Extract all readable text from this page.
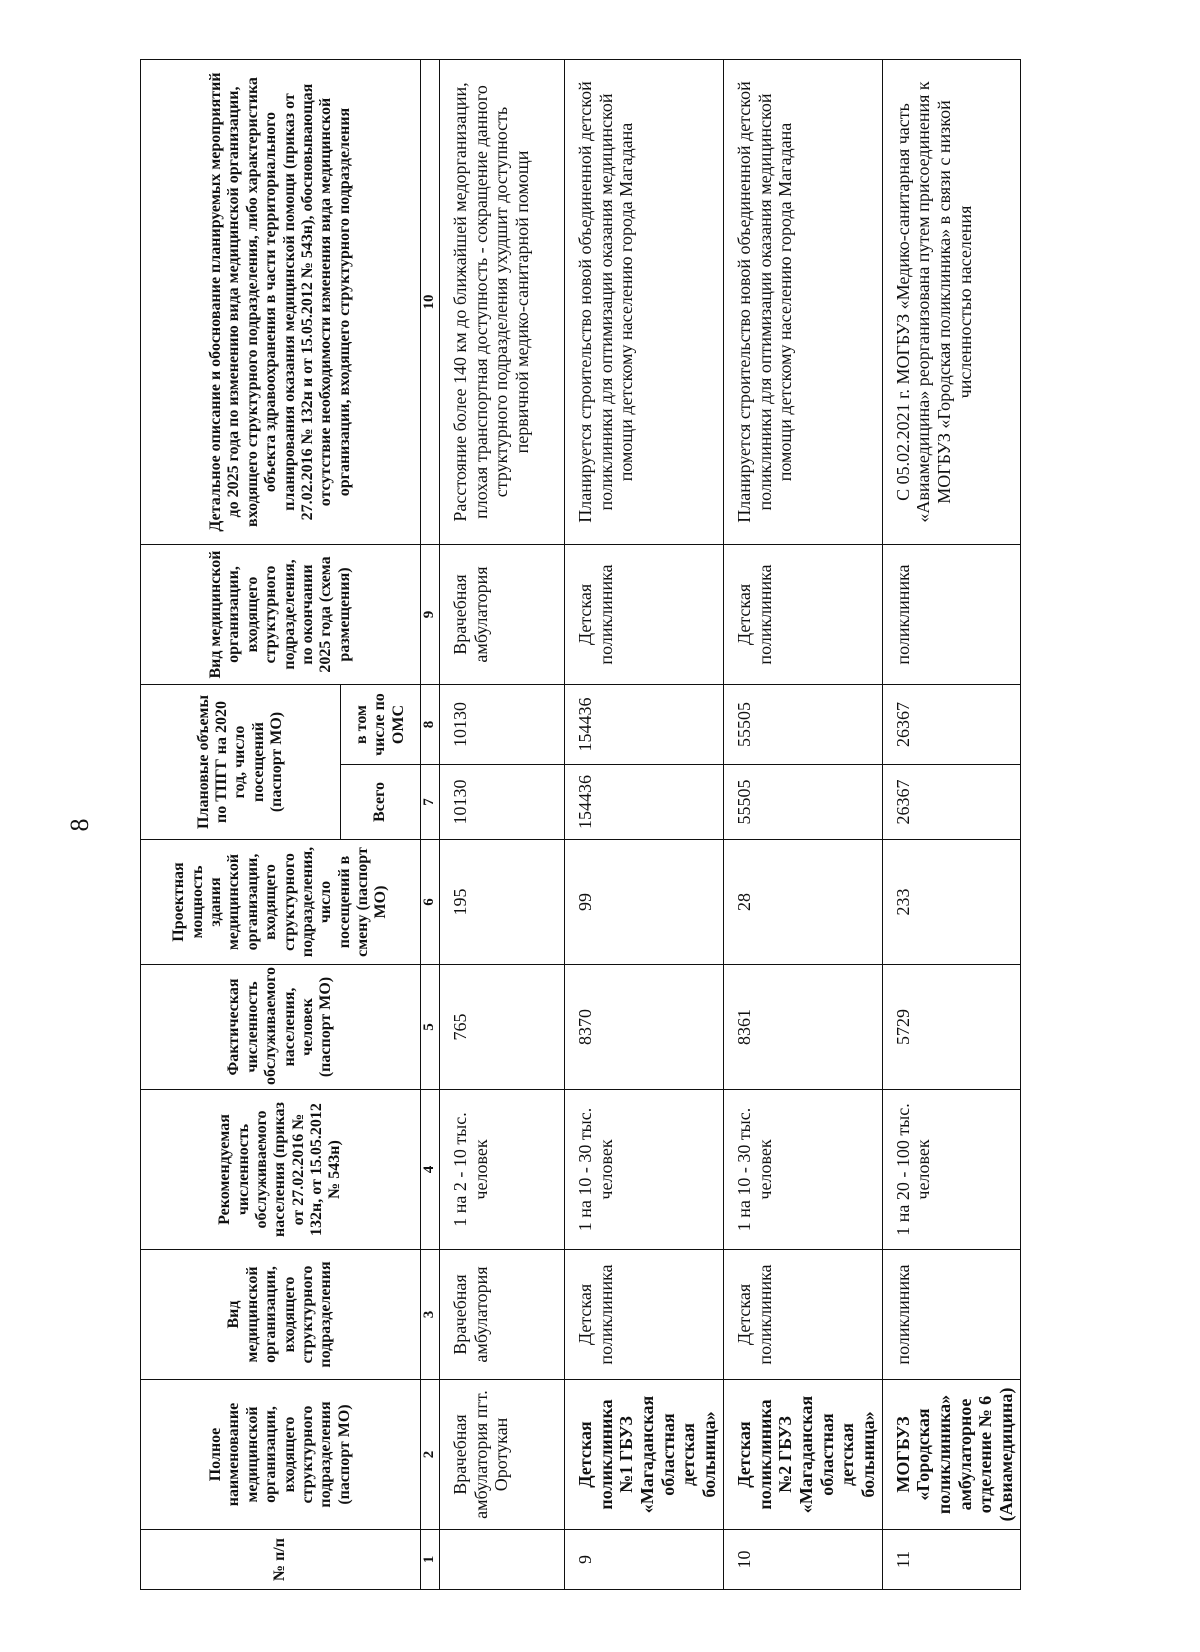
8
№ п/п	Полное наименование медицинской организации, входящего структурного подразделения (паспорт МО)	Вид медицинской организации, входящего структурного подразделения	Рекомендуемая численность обслуживаемого населения (приказ от 27.02.2016 № 132н, от 15.05.2012 № 543н)	Фактическая численность обслуживаемого населения, человек (паспорт МО)	Проектная мощность здания медицинской организации, входящего структурного подразделения, число посещений в смену (паспорт МО)	Плановые объемы по ТПГГ на 2020 год, число посещений (паспорт МО)		Вид медицинской организации, входящего структурного подразделения, по окончании 2025 года (схема размещения)	Детальное описание и обоснование планируемых мероприятий до 2025 года по изменению вида медицинской организации, входящего структурного подразделения, либо характеристика объекта здравоохранения в части территориального планирования оказания медицинской помощи (приказ от 27.02.2016 № 132н и от 15.05.2012 № 543н), обосновывающая отсутствие необходимости изменения вида медицинской организации, входящего структурного подразделения
						Всего	в том числе по ОМС		
1	2	3	4	5	6	7	8	9	10
	Врачебная амбулатория пгт. Оротукан	Врачебная амбулатория	1 на 2 - 10 тыс. человек	765	195	10130	10130	Врачебная амбулатория	Расстояние более 140 км до ближайшей медорганизации, плохая транспортная доступность - сокращение данного структурного подразделения ухудшит доступность первичной медико-санитарной помощи
9	Детская поликлиника №1 ГБУЗ «Магаданская областная детская больница»	Детская поликлиника	1 на 10 - 30 тыс. человек	8370	99	154436	154436	Детская поликлиника	Планируется строительство новой объединенной детской поликлиники для оптимизации оказания медицинской помощи детскому населению города Магадана
10	Детская поликлиника №2 ГБУЗ «Магаданская областная детская больница»	Детская поликлиника	1 на 10 - 30 тыс. человек	8361	28	55505	55505	Детская поликлиника	Планируется строительство новой объединенной детской поликлиники для оптимизации оказания медицинской помощи детскому населению города Магадана
11	МОГБУЗ «Городская поликлиника» амбулаторное отделение № 6 (Авиамедицина)	поликлиника	1 на 20 - 100 тыс. человек	5729	233	26367	26367	поликлиника	С 05.02.2021 г. МОГБУЗ «Медико-санитарная часть «Авиамедицина» реорганизована путем присоединения к МОГБУЗ «Городская поликлиника» в связи с низкой численностью населения
